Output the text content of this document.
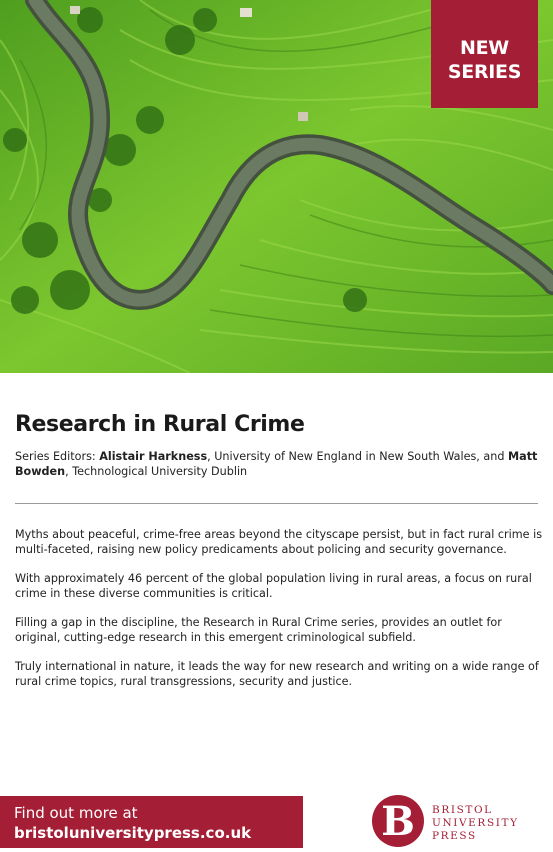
NEW
SERIES
Research in Rural Crime
Series Editors: Alistair Harkness, University of New England in New South Wales, and Matt Bowden, Technological University Dublin
Myths about peaceful, crime-free areas beyond the cityscape persist, but in fact rural crime is multi-faceted, raising new policy predicaments about policing and security governance.
With approximately 46 percent of the global population living in rural areas, a focus on rural crime in these diverse communities is critical.
Filling a gap in the discipline, the Research in Rural Crime series, provides an outlet for original, cutting-edge research in this emergent criminological subfield.
Truly international in nature, it leads the way for new research and writing on a wide range of rural crime topics, rural transgressions, security and justice.
Find out more at
bristoluniversitypress.co.uk	B BRISTOL
UNIVERSITY
PRESS
